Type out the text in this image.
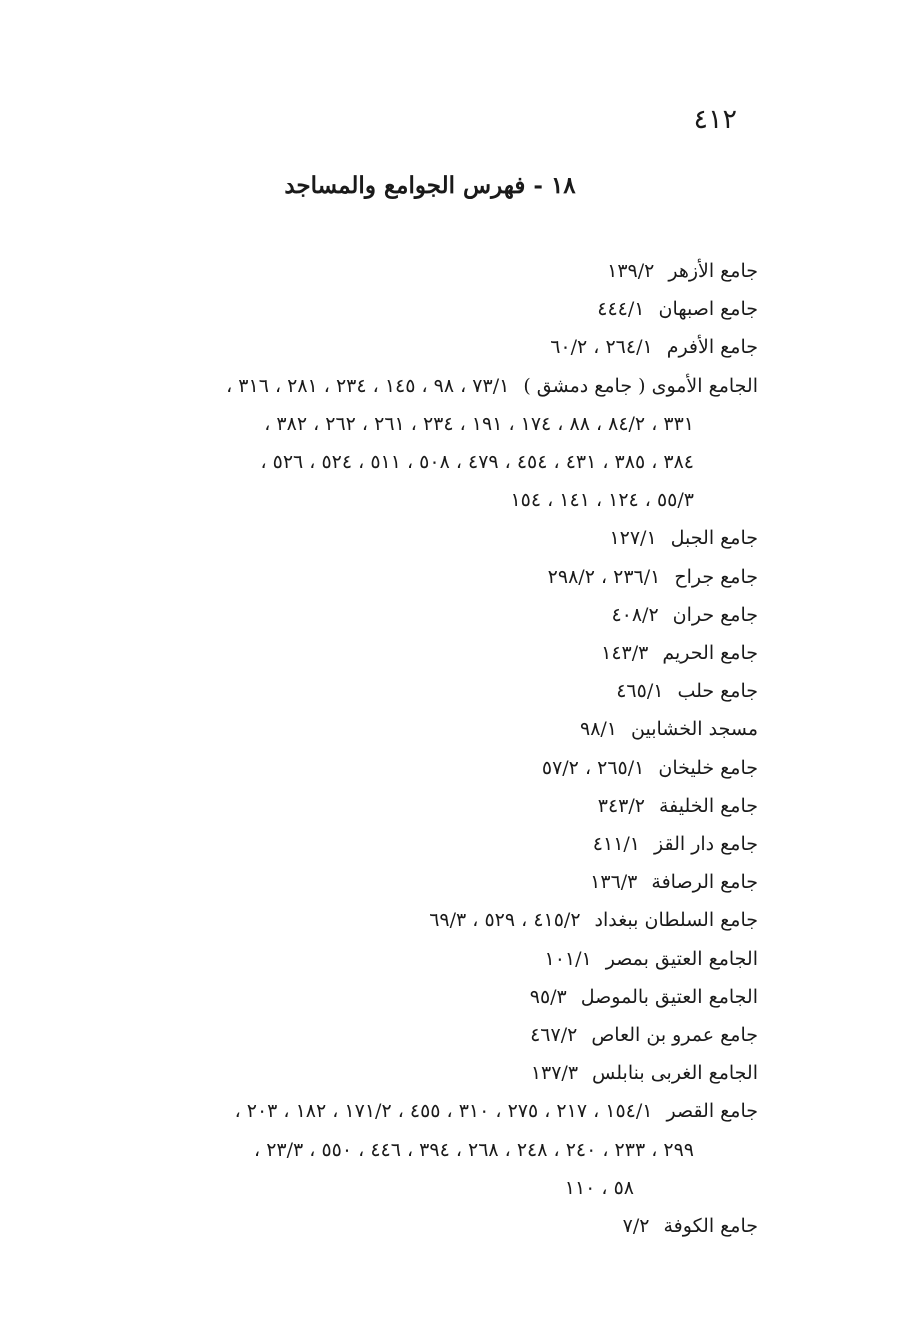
٤١٢
١٨ - فهرس الجوامع والمساجد
جامع الأزهر١٣٩/٢
جامع اصبهان٤٤٤/١
جامع الأفرم٢٦٤/١ ، ٦٠/٢
الجامع الأموى ( جامع دمشق )٧٣/١ ، ٩٨ ، ١٤٥ ، ٢٣٤ ، ٢٨١ ، ٣١٦ ،
٣٣١ ، ٨٤/٢ ، ٨٨ ، ١٧٤ ، ١٩١ ، ٢٣٤ ، ٢٦١ ، ٢٦٢ ، ٣٨٢ ،
٣٨٤ ، ٣٨٥ ، ٤٣١ ، ٤٥٤ ، ٤٧٩ ، ٥٠٨ ، ٥١١ ، ٥٢٤ ، ٥٢٦ ،
٥٥/٣ ، ١٢٤ ، ١٤١ ، ١٥٤
جامع الجبل١٢٧/١
جامع جراح٢٣٦/١ ، ٢٩٨/٢
جامع حران٤٠٨/٢
جامع الحريم١٤٣/٣
جامع حلب٤٦٥/١
مسجد الخشابين٩٨/١
جامع خليخان٢٦٥/١ ، ٥٧/٢
جامع الخليفة٣٤٣/٢
جامع دار القز٤١١/١
جامع الرصافة١٣٦/٣
جامع السلطان ببغداد٤١٥/٢ ، ٥٢٩ ، ٦٩/٣
الجامع العتيق بمصر١٠١/١
الجامع العتيق بالموصل٩٥/٣
جامع عمرو بن العاص٤٦٧/٢
الجامع الغربى بنابلس١٣٧/٣
جامع القصر١٥٤/١ ، ٢١٧ ، ٢٧٥ ، ٣١٠ ، ٤٥٥ ، ١٧١/٢ ، ١٨٢ ، ٢٠٣ ،
٢٩٩ ، ٢٣٣ ، ٢٤٠ ، ٢٤٨ ، ٢٦٨ ، ٣٩٤ ، ٤٤٦ ، ٥٥٠ ، ٢٣/٣ ،
٥٨ ، ١١٠
جامع الكوفة٧/٢
